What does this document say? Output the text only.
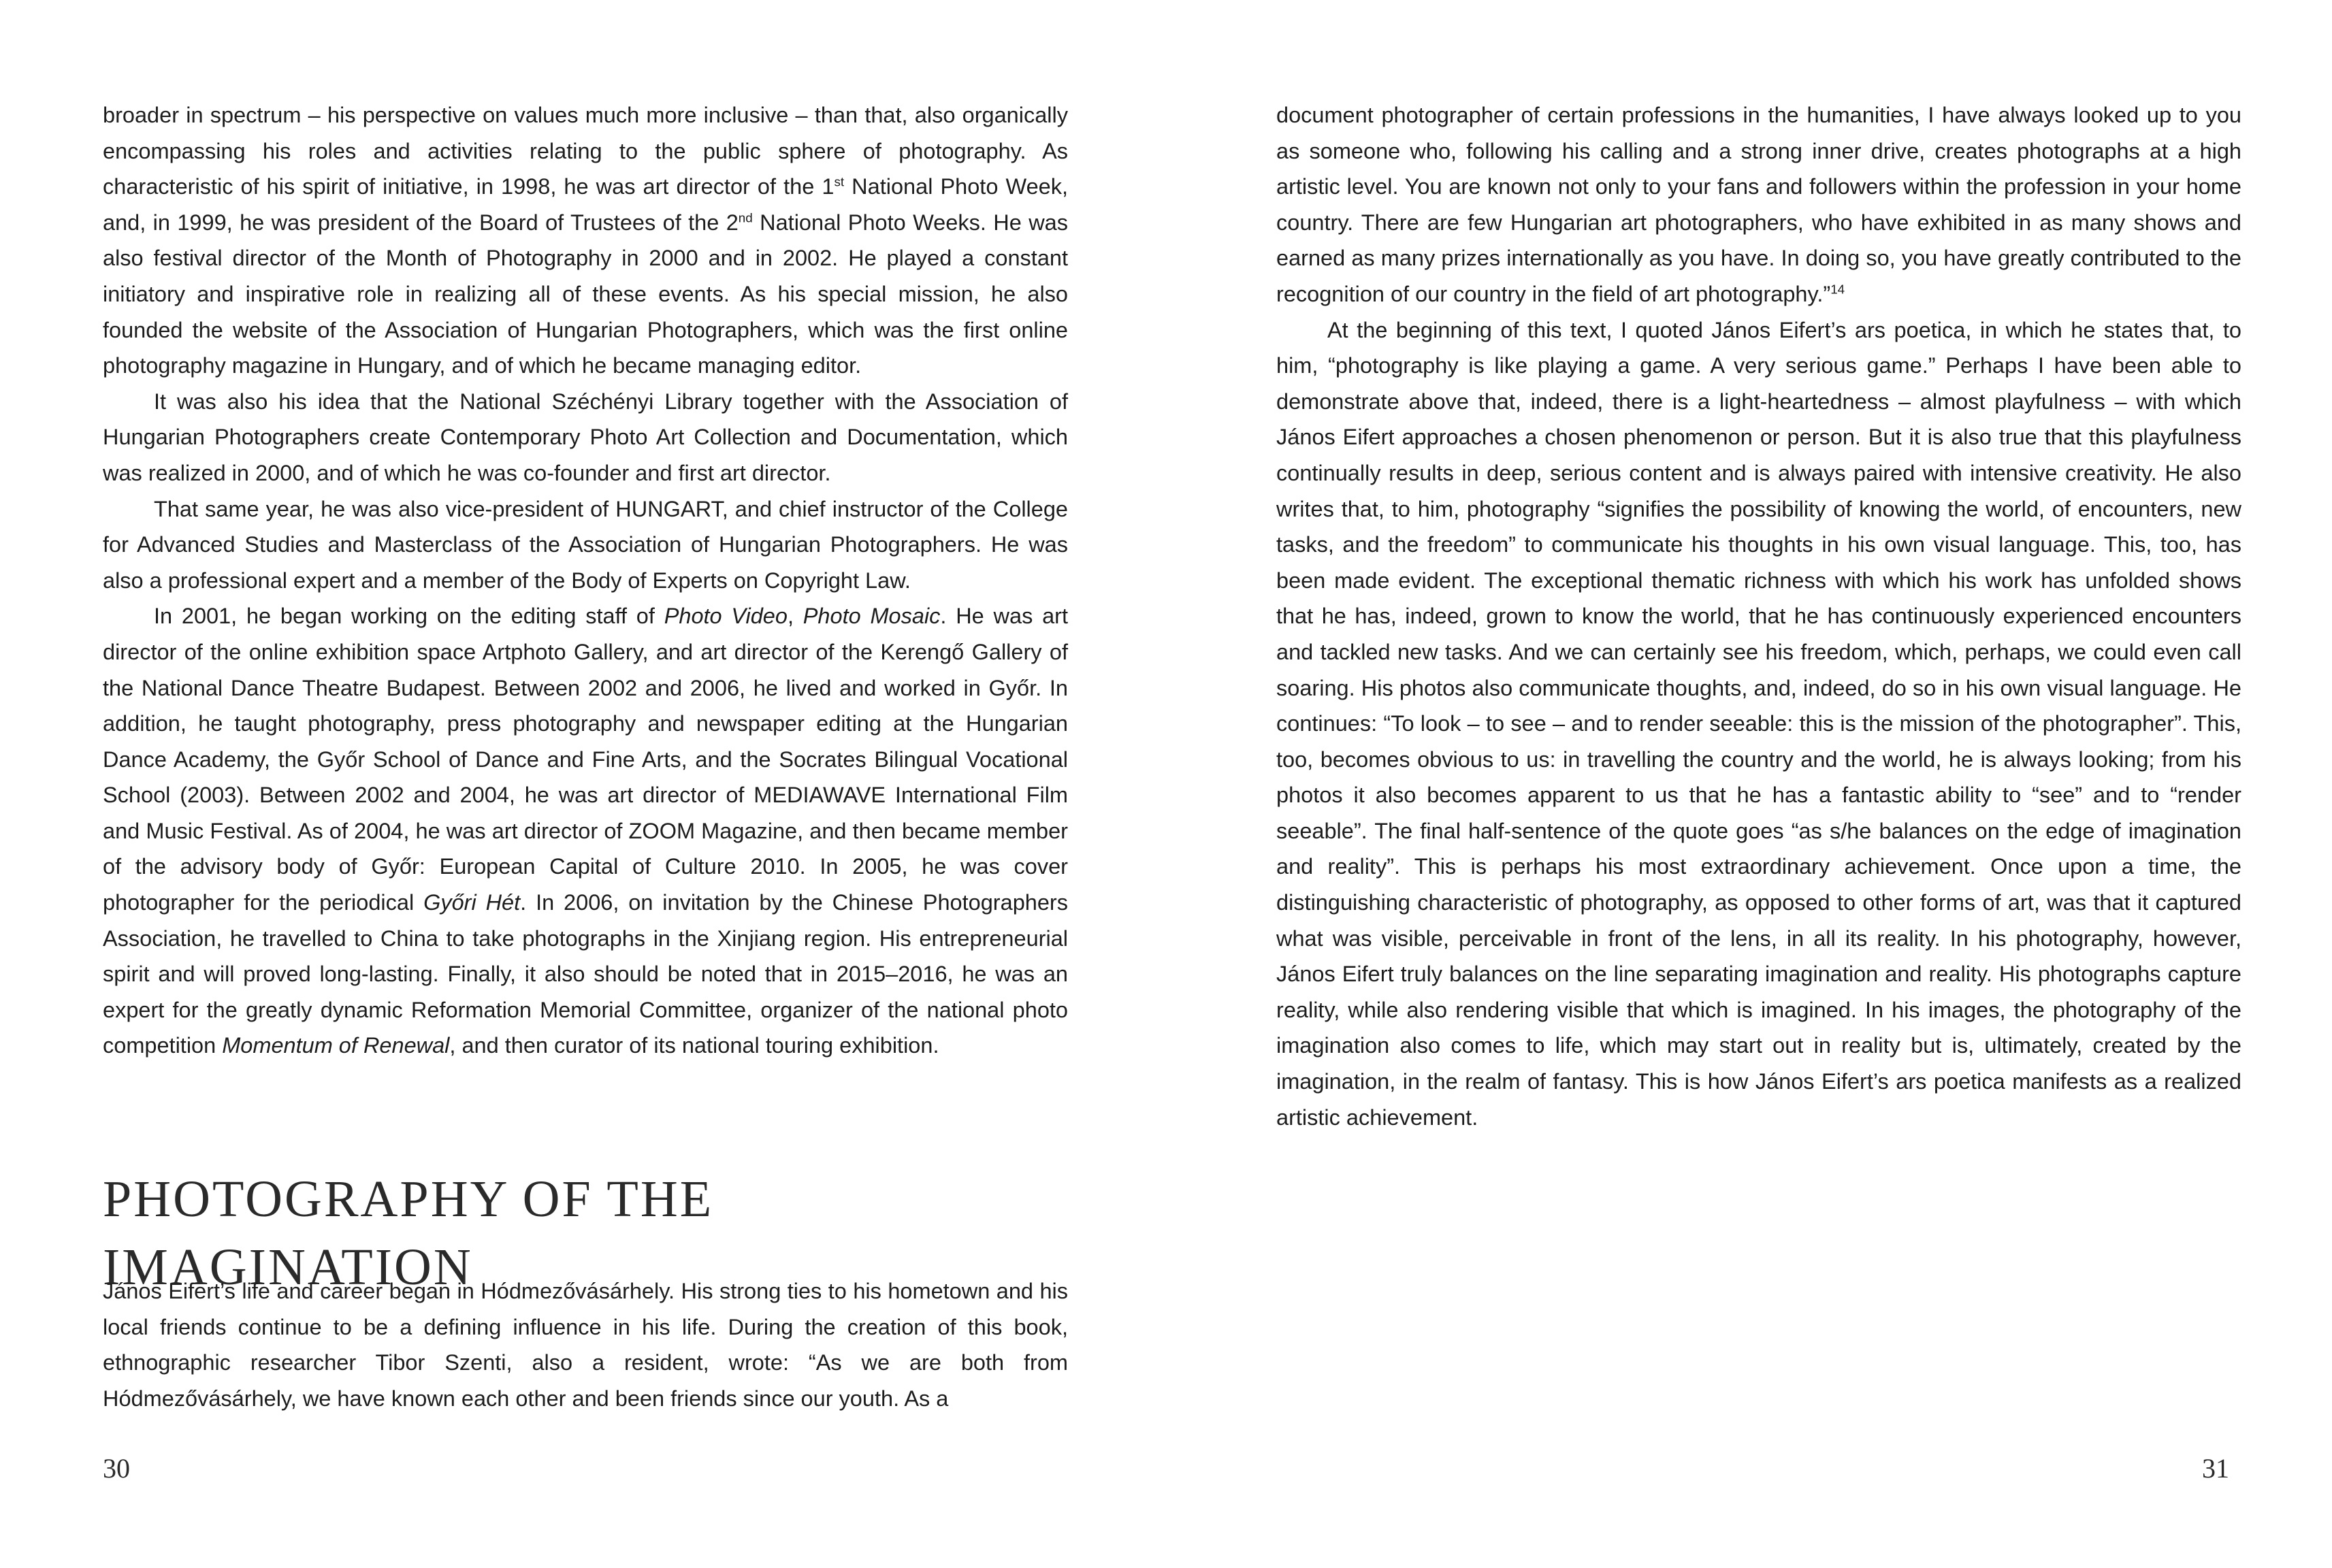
broader in spectrum – his perspective on values much more inclusive – than that, also organically encompassing his roles and activities relating to the public sphere of photography. As characteristic of his spirit of initiative, in 1998, he was art director of the 1st National Photo Week, and, in 1999, he was president of the Board of Trustees of the 2nd National Photo Weeks. He was also festival director of the Month of Photography in 2000 and in 2002. He played a constant initiatory and inspirative role in realizing all of these events. As his special mission, he also founded the website of the Association of Hungarian Photographers, which was the first online photography magazine in Hungary, and of which he became managing editor.

It was also his idea that the National Széchényi Library together with the Association of Hungarian Photographers create Contemporary Photo Art Collection and Documentation, which was realized in 2000, and of which he was co-founder and first art director.

That same year, he was also vice-president of HUNGART, and chief instructor of the College for Advanced Studies and Masterclass of the Association of Hungarian Photographers. He was also a professional expert and a member of the Body of Experts on Copyright Law.

In 2001, he began working on the editing staff of Photo Video, Photo Mosaic. He was art director of the online exhibition space Artphoto Gallery, and art director of the Kerengő Gallery of the National Dance Theatre Budapest. Between 2002 and 2006, he lived and worked in Győr. In addition, he taught photography, press photography and newspaper editing at the Hungarian Dance Academy, the Győr School of Dance and Fine Arts, and the Socrates Bilingual Vocational School (2003). Between 2002 and 2004, he was art director of MEDIAWAVE International Film and Music Festival. As of 2004, he was art director of ZOOM Magazine, and then became member of the advisory body of Győr: European Capital of Culture 2010. In 2005, he was cover photographer for the periodical Győri Hét. In 2006, on invitation by the Chinese Photographers Association, he travelled to China to take photographs in the Xinjiang region. His entrepreneurial spirit and will proved long-lasting. Finally, it also should be noted that in 2015–2016, he was an expert for the greatly dynamic Reformation Memorial Committee, organizer of the national photo competition Momentum of Renewal, and then curator of its national touring exhibition.

PHOTOGRAPHY OF THE IMAGINATION

János Eifert’s life and career began in Hódmezővásárhely. His strong ties to his hometown and his local friends continue to be a defining influence in his life. During the creation of this book, ethnographic researcher Tibor Szenti, also a resident, wrote: “As we are both from Hódmezővásárhely, we have known each other and been friends since our youth. As a

30

document photographer of certain professions in the humanities, I have always looked up to you as someone who, following his calling and a strong inner drive, creates photographs at a high artistic level. You are known not only to your fans and followers within the profession in your home country. There are few Hungarian art photographers, who have exhibited in as many shows and earned as many prizes internationally as you have. In doing so, you have greatly contributed to the recognition of our country in the field of art photography.”$^{14}$

At the beginning of this text, I quoted János Eifert’s ars poetica, in which he states that, to him, “photography is like playing a game. A very serious game.” Perhaps I have been able to demonstrate above that, indeed, there is a light-heartedness – almost playfulness – with which János Eifert approaches a chosen phenomenon or person. But it is also true that this playfulness continually results in deep, serious content and is always paired with intensive creativity. He also writes that, to him, photography “signifies the possibility of knowing the world, of encounters, new tasks, and the freedom” to communicate his thoughts in his own visual language. This, too, has been made evident. The exceptional thematic richness with which his work has unfolded shows that he has, indeed, grown to know the world, that he has continuously experienced encounters and tackled new tasks. And we can certainly see his freedom, which, perhaps, we could even call soaring. His photos also communicate thoughts, and, indeed, do so in his own visual language. He continues: “To look – to see – and to render seeable: this is the mission of the photographer”. This, too, becomes obvious to us: in travelling the country and the world, he is always looking; from his photos it also becomes apparent to us that he has a fantastic ability to “see” and to “render seeable”. The final half-sentence of the quote goes “as s/he balances on the edge of imagination and reality”. This is perhaps his most extraordinary achievement. Once upon a time, the distinguishing characteristic of photography, as opposed to other forms of art, was that it captured what was visible, perceivable in front of the lens, in all its reality. In his photography, however, János Eifert truly balances on the line separating imagination and reality. His photographs capture reality, while also rendering visible that which is imagined. In his images, the photography of the imagination also comes to life, which may start out in reality but is, ultimately, created by the imagination, in the realm of fantasy. This is how János Eifert’s ars poetica manifests as a realized artistic achievement.

31
